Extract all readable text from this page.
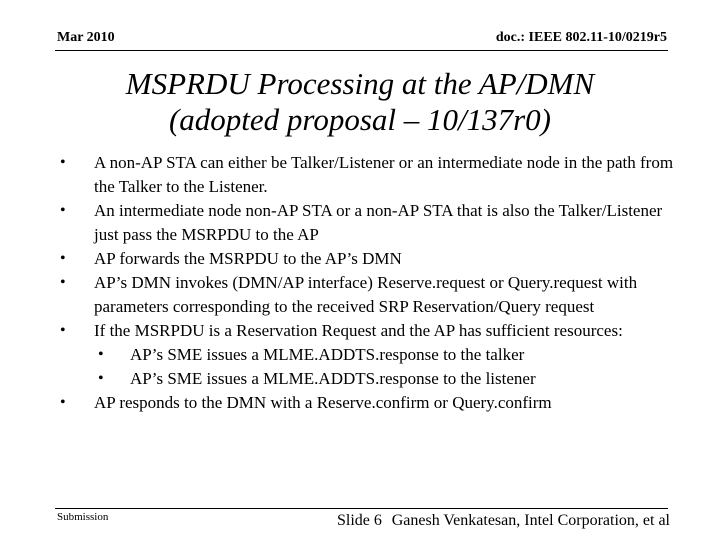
Mar 2010	doc.: IEEE 802.11-10/0219r5
MSPRDU Processing at the AP/DMN
(adopted proposal – 10/137r0)
• A non-AP STA can either be Talker/Listener or an intermediate node in the path from the Talker to the Listener.
• An intermediate node non-AP STA or a non-AP STA that is also the Talker/Listener just pass the MSRPDU to the AP
• AP forwards the MSRPDU to the AP’s DMN
• AP’s DMN invokes (DMN/AP interface) Reserve.request or Query.request with parameters corresponding to the received SRP Reservation/Query request
• If the MSRPDU is a Reservation Request and the AP has sufficient resources:
• AP’s SME issues a MLME.ADDTS.response to the talker
• AP’s SME issues a MLME.ADDTS.response to the listener
• AP responds to the DMN with a Reserve.confirm or Query.confirm
Submission	Slide 6 Ganesh Venkatesan, Intel Corporation, et al
